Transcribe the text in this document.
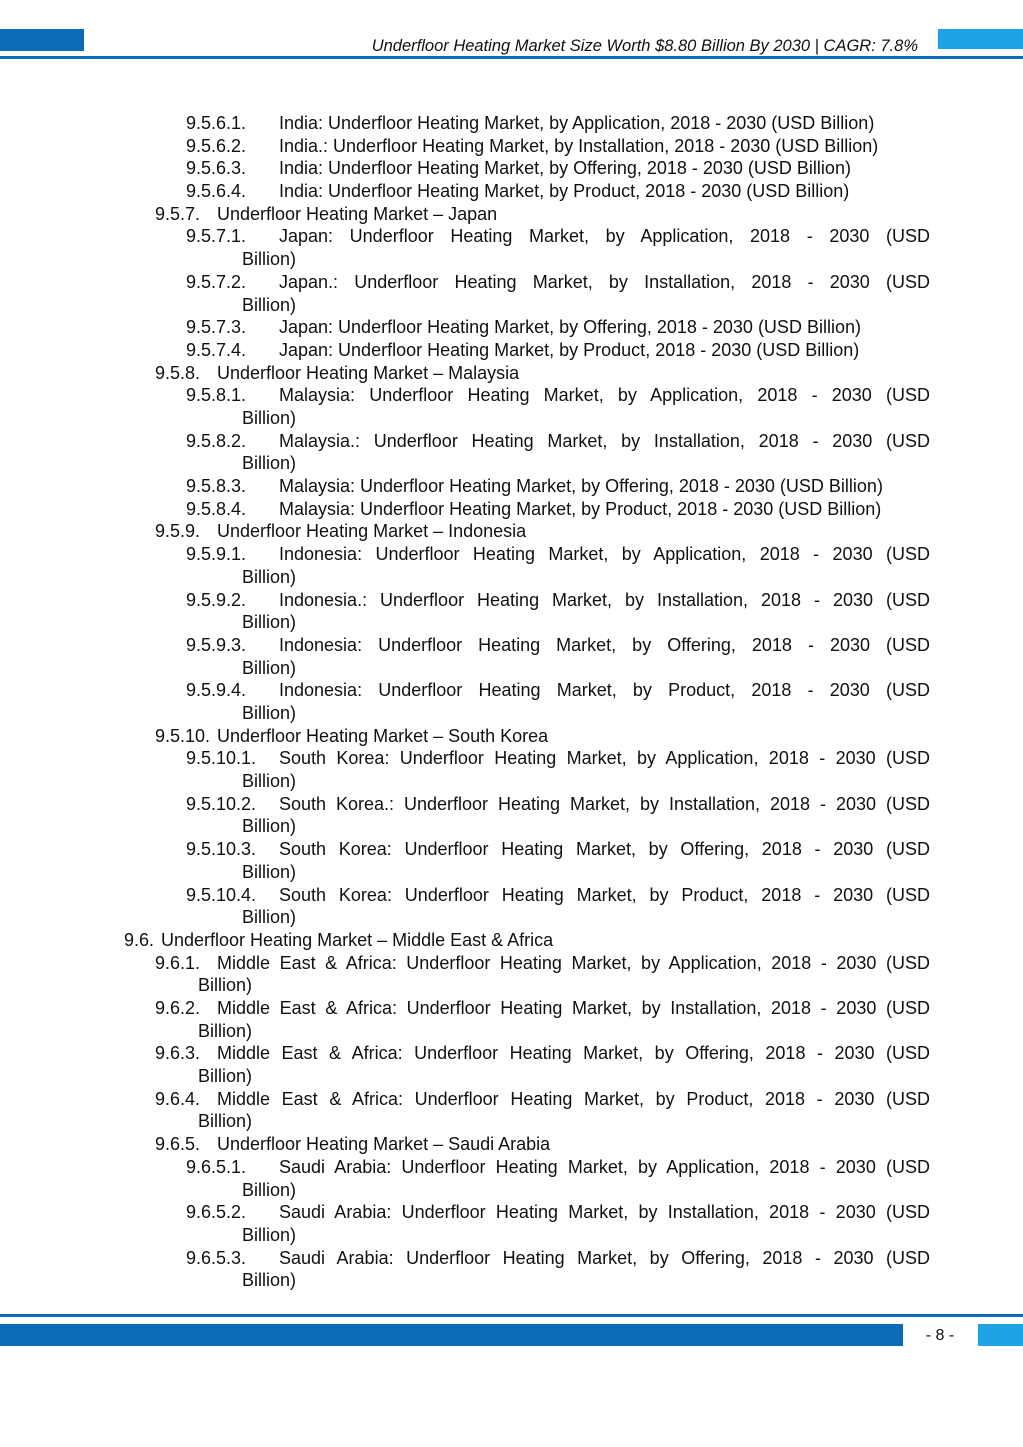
Underfloor Heating Market Size Worth $8.80 Billion By 2030 | CAGR: 7.8%
9.5.6.1. India: Underfloor Heating Market, by Application, 2018 - 2030 (USD Billion)
9.5.6.2. India.: Underfloor Heating Market, by Installation, 2018 - 2030 (USD Billion)
9.5.6.3. India: Underfloor Heating Market, by Offering, 2018 - 2030 (USD Billion)
9.5.6.4. India: Underfloor Heating Market, by Product, 2018 - 2030 (USD Billion)
9.5.7. Underfloor Heating Market – Japan
9.5.7.1. Japan: Underfloor Heating Market, by Application, 2018 - 2030 (USD
Billion)
9.5.7.2. Japan.: Underfloor Heating Market, by Installation, 2018 - 2030 (USD
Billion)
9.5.7.3. Japan: Underfloor Heating Market, by Offering, 2018 - 2030 (USD Billion)
9.5.7.4. Japan: Underfloor Heating Market, by Product, 2018 - 2030 (USD Billion)
9.5.8. Underfloor Heating Market – Malaysia
9.5.8.1. Malaysia: Underfloor Heating Market, by Application, 2018 - 2030 (USD
Billion)
9.5.8.2. Malaysia.: Underfloor Heating Market, by Installation, 2018 - 2030 (USD
Billion)
9.5.8.3. Malaysia: Underfloor Heating Market, by Offering, 2018 - 2030 (USD Billion)
9.5.8.4. Malaysia: Underfloor Heating Market, by Product, 2018 - 2030 (USD Billion)
9.5.9. Underfloor Heating Market – Indonesia
9.5.9.1. Indonesia: Underfloor Heating Market, by Application, 2018 - 2030 (USD
Billion)
9.5.9.2. Indonesia.: Underfloor Heating Market, by Installation, 2018 - 2030 (USD
Billion)
9.5.9.3. Indonesia: Underfloor Heating Market, by Offering, 2018 - 2030 (USD
Billion)
9.5.9.4. Indonesia: Underfloor Heating Market, by Product, 2018 - 2030 (USD
Billion)
9.5.10. Underfloor Heating Market – South Korea
9.5.10.1. South Korea: Underfloor Heating Market, by Application, 2018 - 2030 (USD
Billion)
9.5.10.2. South Korea.: Underfloor Heating Market, by Installation, 2018 - 2030 (USD
Billion)
9.5.10.3. South Korea: Underfloor Heating Market, by Offering, 2018 - 2030 (USD
Billion)
9.5.10.4. South Korea: Underfloor Heating Market, by Product, 2018 - 2030 (USD
Billion)
9.6. Underfloor Heating Market – Middle East & Africa
9.6.1. Middle East & Africa: Underfloor Heating Market, by Application, 2018 - 2030 (USD
Billion)
9.6.2. Middle East & Africa: Underfloor Heating Market, by Installation, 2018 - 2030 (USD
Billion)
9.6.3. Middle East & Africa: Underfloor Heating Market, by Offering, 2018 - 2030 (USD
Billion)
9.6.4. Middle East & Africa: Underfloor Heating Market, by Product, 2018 - 2030 (USD
Billion)
9.6.5. Underfloor Heating Market – Saudi Arabia
9.6.5.1. Saudi Arabia: Underfloor Heating Market, by Application, 2018 - 2030 (USD
Billion)
9.6.5.2. Saudi Arabia: Underfloor Heating Market, by Installation, 2018 - 2030 (USD
Billion)
9.6.5.3. Saudi Arabia: Underfloor Heating Market, by Offering, 2018 - 2030 (USD
Billion)
- 8 -
